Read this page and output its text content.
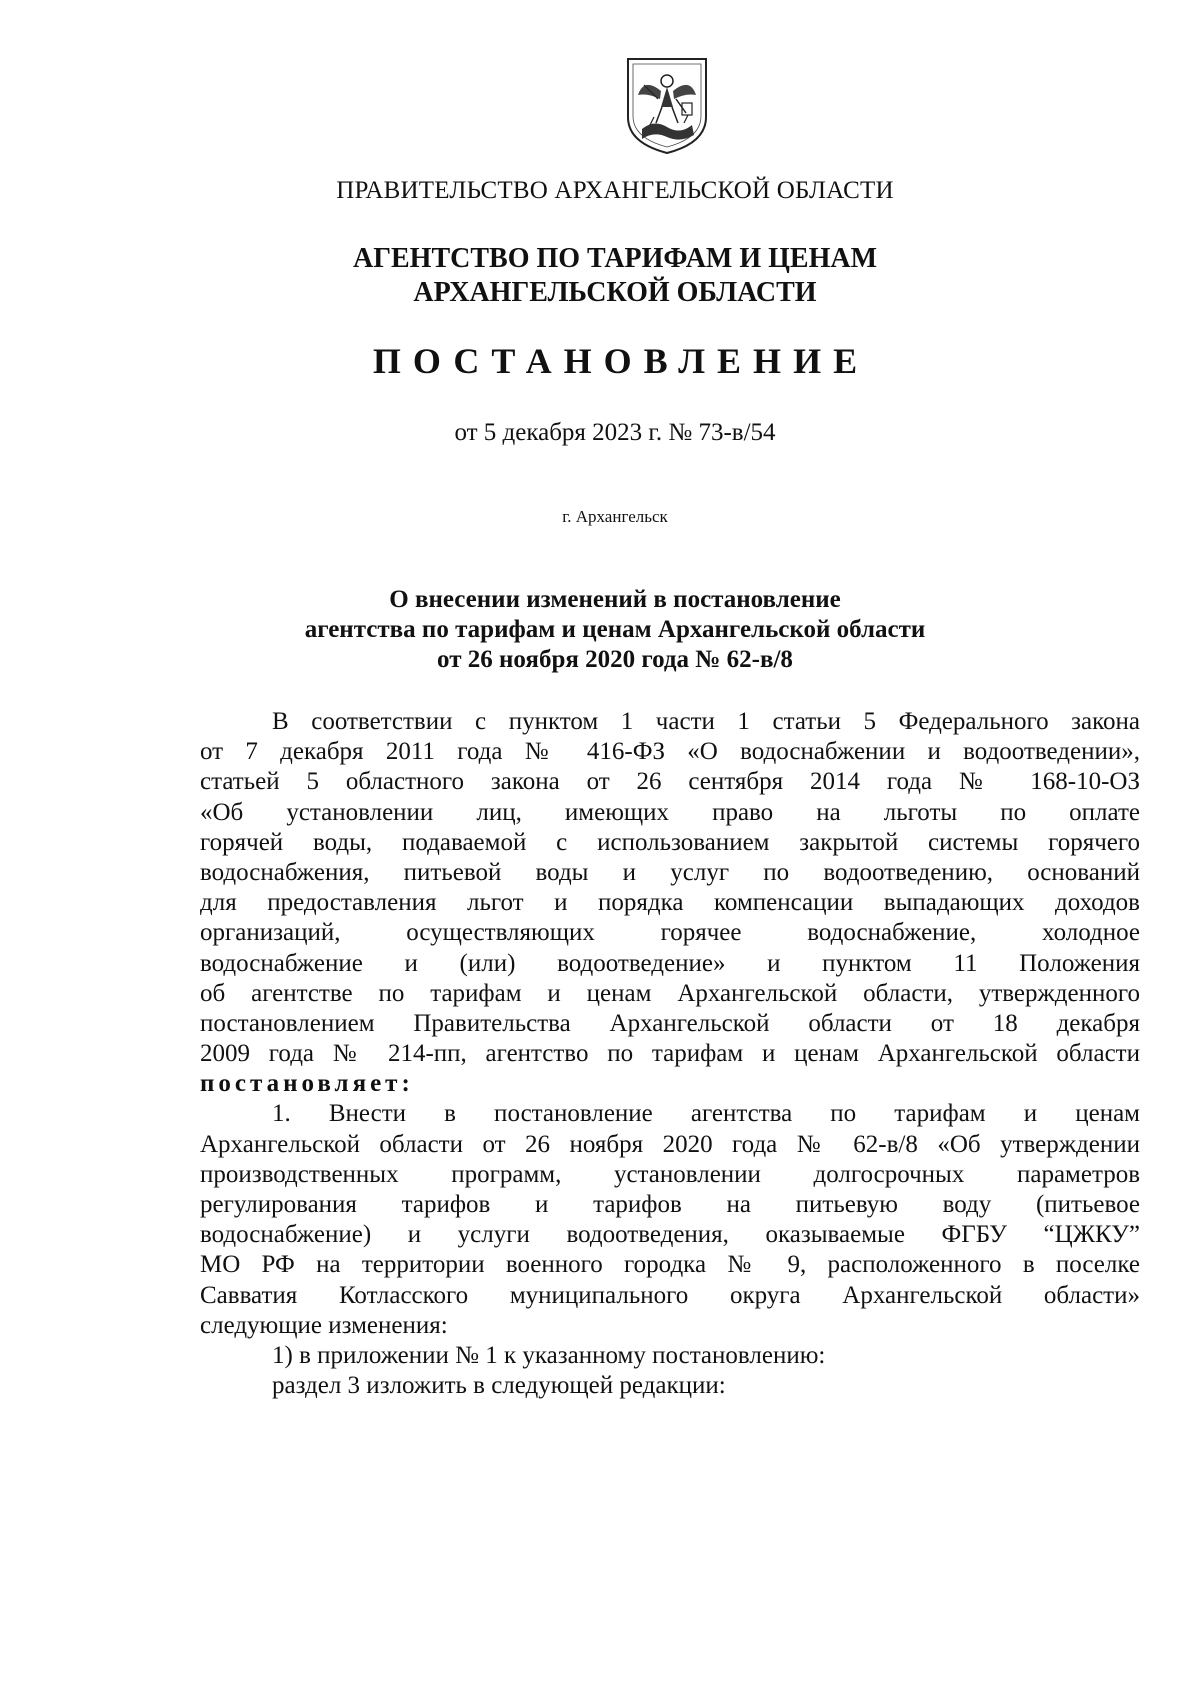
ПРАВИТЕЛЬСТВО АРХАНГЕЛЬСКОЙ ОБЛАСТИ
АГЕНТСТВО ПО ТАРИФАМ И ЦЕНАМ
АРХАНГЕЛЬСКОЙ ОБЛАСТИ
ПОСТАНОВЛЕНИЕ
от 5 декабря 2023 г. № 73-в/54
г. Архангельск
О внесении изменений в постановление
агентства по тарифам и ценам Архангельской области
от 26 ноября 2020 года № 62-в/8
В соответствии с пунктом 1 части 1 статьи 5 Федерального закона
от 7 декабря 2011 года № 416-ФЗ «О водоснабжении и водоотведении»,
статьей 5 областного закона от 26 сентября 2014 года № 168-10-ОЗ
«Об установлении лиц, имеющих право на льготы по оплате
горячей воды, подаваемой с использованием закрытой системы горячего
водоснабжения, питьевой воды и услуг по водоотведению, оснований
для предоставления льгот и порядка компенсации выпадающих доходов
организаций, осуществляющих горячее водоснабжение, холодное
водоснабжение и (или) водоотведение» и пунктом 11 Положения
об агентстве по тарифам и ценам Архангельской области, утвержденного
постановлением Правительства Архангельской области от 18 декабря
2009 года № 214-пп, агентство по тарифам и ценам Архангельской области
постановляет:
1. Внести в постановление агентства по тарифам и ценам
Архангельской области от 26 ноября 2020 года № 62-в/8 «Об утверждении
производственных программ, установлении долгосрочных параметров
регулирования тарифов и тарифов на питьевую воду (питьевое
водоснабжение) и услуги водоотведения, оказываемые ФГБУ “ЦЖКУ”
МО РФ на территории военного городка № 9, расположенного в поселке
Савватия Котласского муниципального округа Архангельской области»
следующие изменения:
1) в приложении № 1 к указанному постановлению:
раздел 3 изложить в следующей редакции:
